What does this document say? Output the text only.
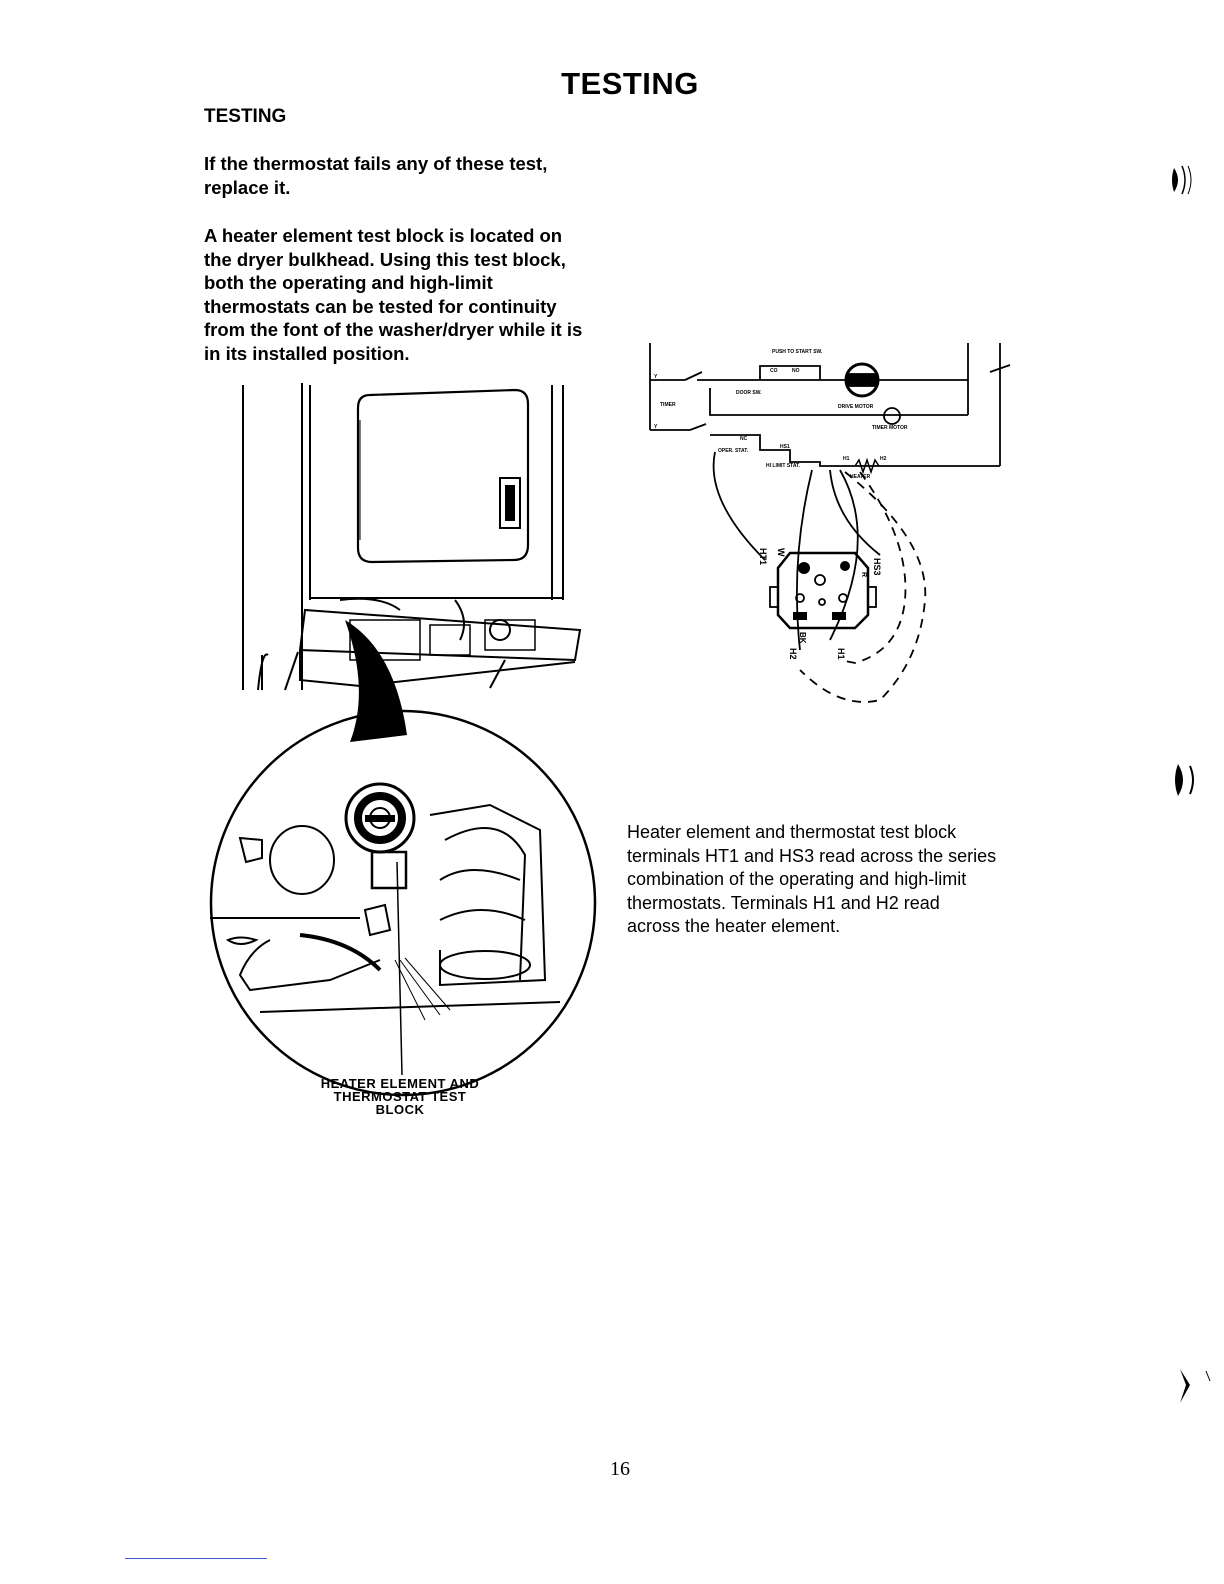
TESTING
TESTING
If the thermostat fails any of these test,
replace it.
A heater element test block is located on
the dryer bulkhead. Using this test block,
both the operating and high-limit
thermostats can be tested for continuity
from the font of the washer/dryer while it is
in its installed position.
HEATER ELEMENT AND
THERMOSTAT TEST
BLOCK
PUSH TO START SW.
DOOR SW.
TIMER	DRIVE MOTOR
TIMER MOTOR
OPER. STAT.
HI LIMIT STAT.
HEATER
H1	H2
HS1
NC
NO
CO
Y
Y
HT1 W
HS3
R
BK
H2	H1
Heater element and thermostat test block
terminals HT1 and HS3 read across the series
combination of the operating and high-limit
thermostats. Terminals H1 and H2 read
across the heater element.
16
